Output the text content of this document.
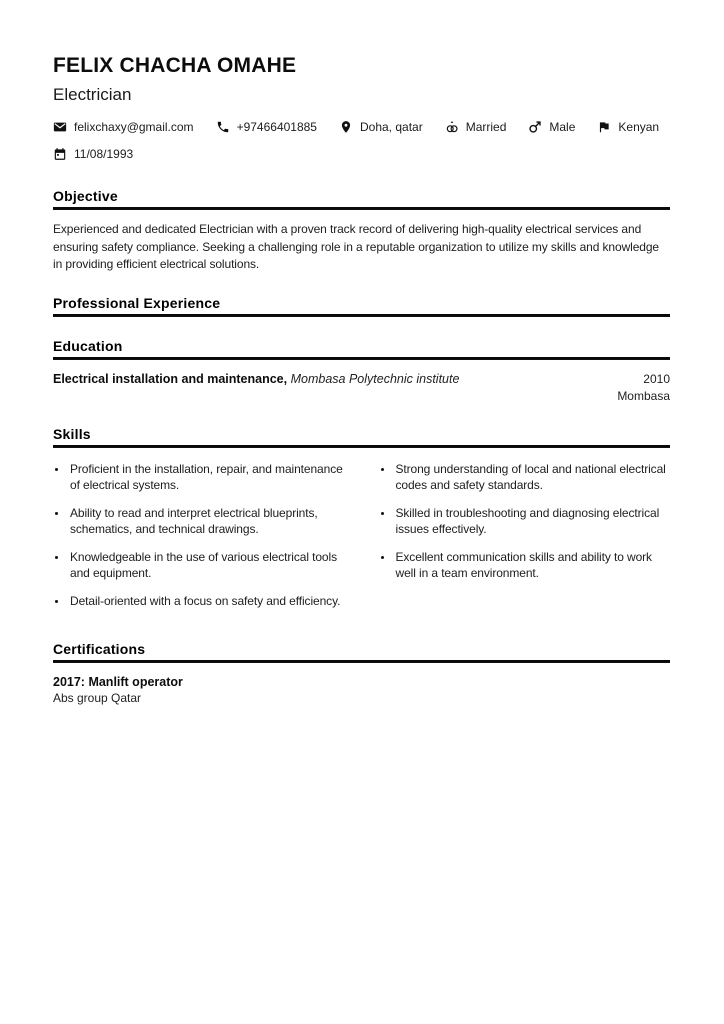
FELIX CHACHA OMAHE

Electrician

felixchaxy@gmail.com	+97466401885	Doha, qatar	Married	Male	Kenyan
11/08/1993
Objective

Experienced and dedicated Electrician with a proven track record of delivering high-quality electrical services and ensuring safety compliance. Seeking a challenging role in a reputable organization to utilize my skills and knowledge in providing efficient electrical solutions.

Professional Experience
Education
Electrical installation and maintenance, Mombasa Polytechnic institute	2010
Mombasa
Skills
• Proficient in the installation, repair, and maintenance of electrical systems.
• Ability to read and interpret electrical blueprints, schematics, and technical drawings.
• Knowledgeable in the use of various electrical tools and equipment.
• Detail-oriented with a focus on safety and efficiency.
• Strong understanding of local and national electrical codes and safety standards.
• Skilled in troubleshooting and diagnosing electrical issues effectively.
• Excellent communication skills and ability to work well in a team environment.
Certifications

2017: Manlift operator

Abs group Qatar
